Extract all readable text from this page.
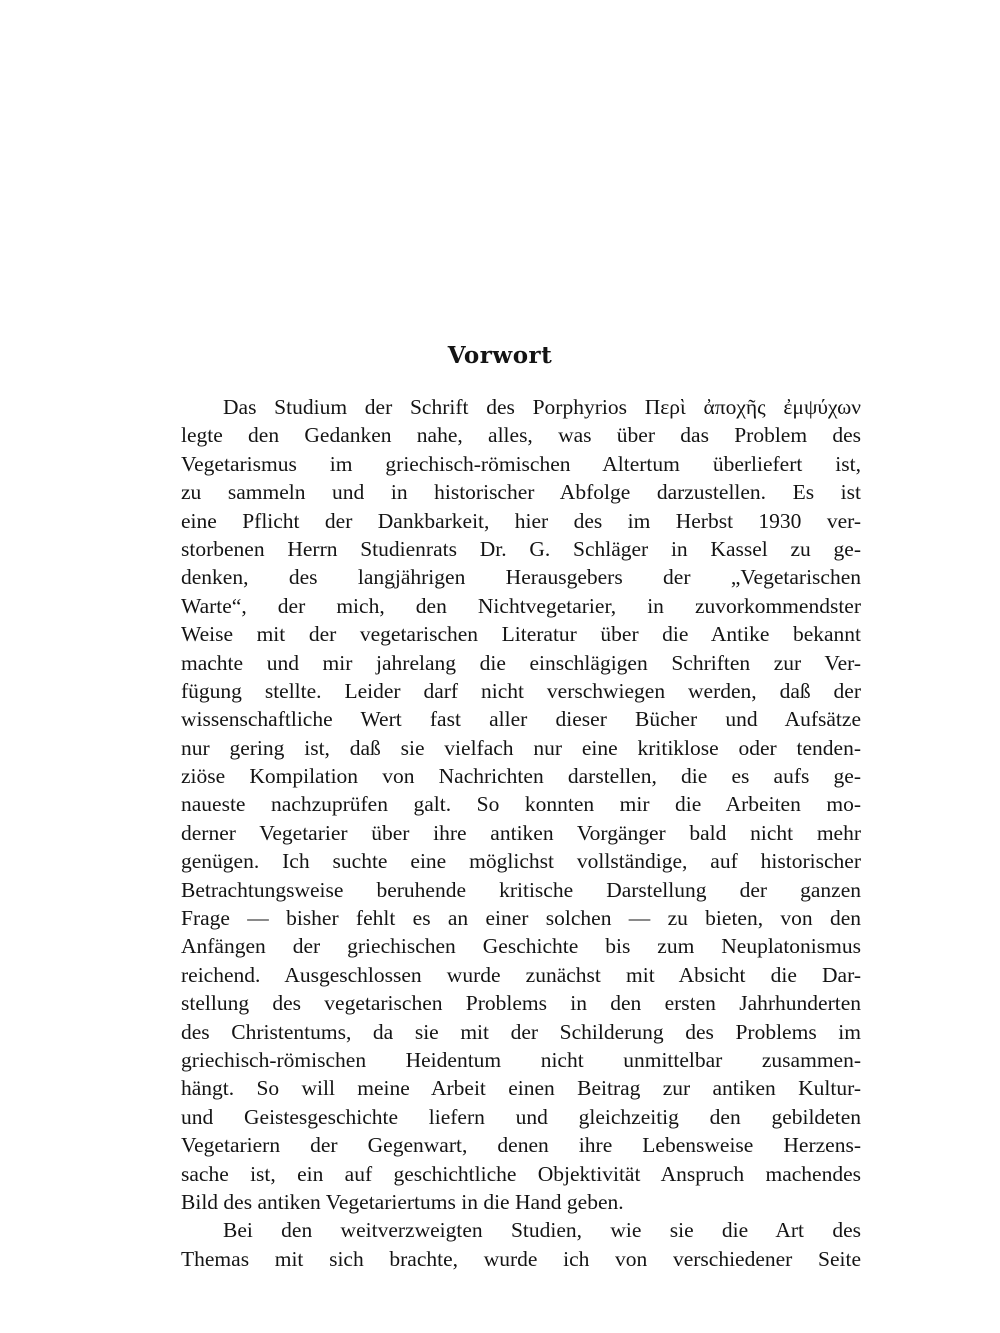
Vorwort
Das Studium der Schrift des Porphyrios Περὶ ἀποχῆς ἐμψύχων
legte den Gedanken nahe, alles, was über das Problem des
Vegetarismus im griechisch-römischen Altertum überliefert ist,
zu sammeln und in historischer Abfolge darzustellen. Es ist
eine Pflicht der Dankbarkeit, hier des im Herbst 1930 ver-
storbenen Herrn Studienrats Dr. G. Schläger in Kassel zu ge-
denken, des langjährigen Herausgebers der „Vegetarischen
Warte“, der mich, den Nichtvegetarier, in zuvorkommendster
Weise mit der vegetarischen Literatur über die Antike bekannt
machte und mir jahrelang die einschlägigen Schriften zur Ver-
fügung stellte. Leider darf nicht verschwiegen werden, daß der
wissenschaftliche Wert fast aller dieser Bücher und Aufsätze
nur gering ist, daß sie vielfach nur eine kritiklose oder tenden-
ziöse Kompilation von Nachrichten darstellen, die es aufs ge-
naueste nachzuprüfen galt. So konnten mir die Arbeiten mo-
derner Vegetarier über ihre antiken Vorgänger bald nicht mehr
genügen. Ich suchte eine möglichst vollständige, auf historischer
Betrachtungsweise beruhende kritische Darstellung der ganzen
Frage — bisher fehlt es an einer solchen — zu bieten, von den
Anfängen der griechischen Geschichte bis zum Neuplatonismus
reichend. Ausgeschlossen wurde zunächst mit Absicht die Dar-
stellung des vegetarischen Problems in den ersten Jahrhunderten
des Christentums, da sie mit der Schilderung des Problems im
griechisch-römischen Heidentum nicht unmittelbar zusammen-
hängt. So will meine Arbeit einen Beitrag zur antiken Kultur-
und Geistesgeschichte liefern und gleichzeitig den gebildeten
Vegetariern der Gegenwart, denen ihre Lebensweise Herzens-
sache ist, ein auf geschichtliche Objektivität Anspruch machendes
Bild des antiken Vegetariertums in die Hand geben.
Bei den weitverzweigten Studien, wie sie die Art des
Themas mit sich brachte, wurde ich von verschiedener Seite
